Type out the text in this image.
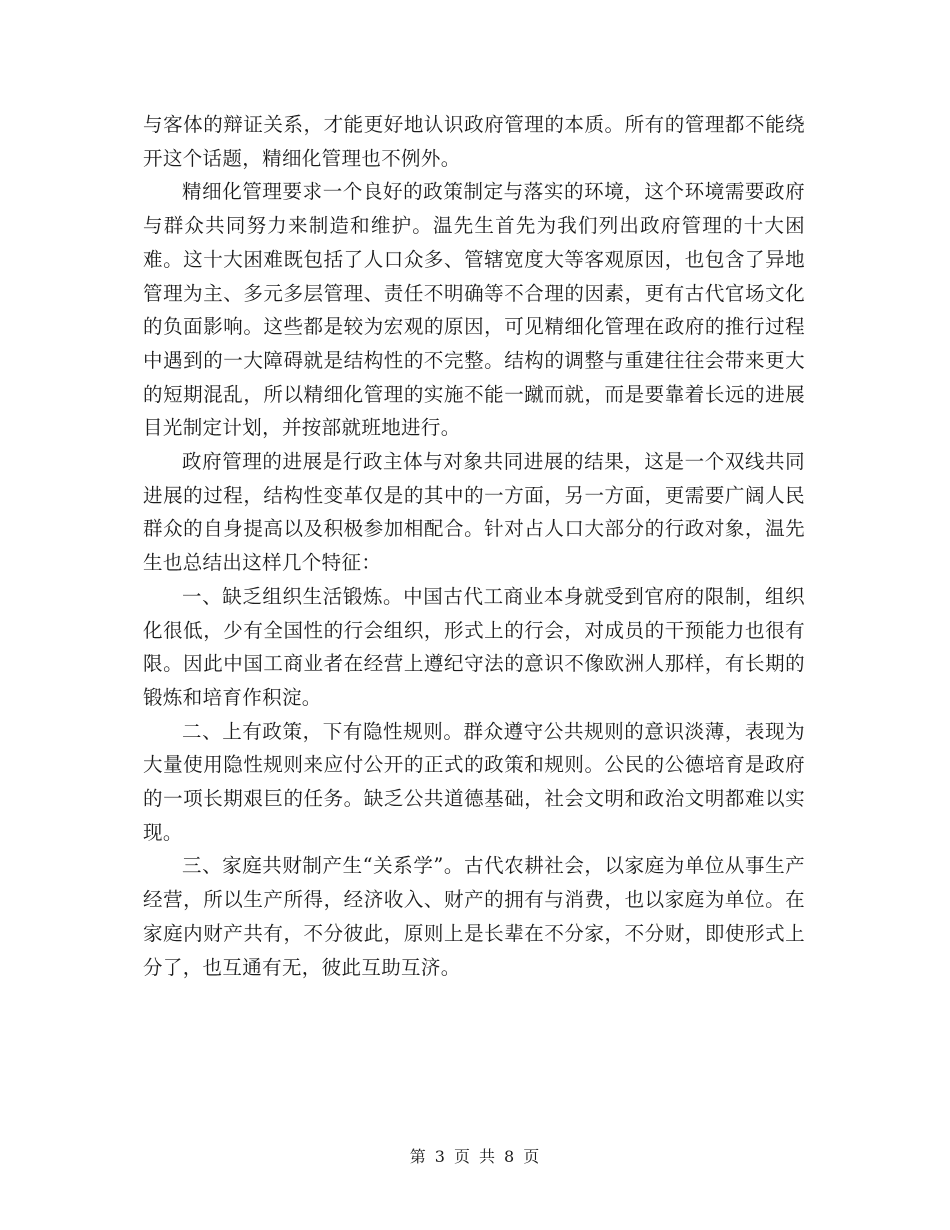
与客体的辩证关系，才能更好地认识政府管理的本质。所有的管理都不能绕开这个话题，精细化管理也不例外。

精细化管理要求一个良好的政策制定与落实的环境，这个环境需要政府与群众共同努力来制造和维护。温先生首先为我们列出政府管理的十大困难。这十大困难既包括了人口众多、管辖宽度大等客观原因，也包含了异地管理为主、多元多层管理、责任不明确等不合理的因素，更有古代官场文化的负面影响。这些都是较为宏观的原因，可见精细化管理在政府的推行过程中遇到的一大障碍就是结构性的不完整。结构的调整与重建往往会带来更大的短期混乱，所以精细化管理的实施不能一蹴而就，而是要靠着长远的进展目光制定计划，并按部就班地进行。

政府管理的进展是行政主体与对象共同进展的结果，这是一个双线共同进展的过程，结构性变革仅是的其中的一方面，另一方面，更需要广阔人民群众的自身提高以及积极参加相配合。针对占人口大部分的行政对象，温先生也总结出这样几个特征：

一、缺乏组织生活锻炼。中国古代工商业本身就受到官府的限制，组织化很低，少有全国性的行会组织，形式上的行会，对成员的干预能力也很有限。因此中国工商业者在经营上遵纪守法的意识不像欧洲人那样，有长期的锻炼和培育作积淀。

二、上有政策，下有隐性规则。群众遵守公共规则的意识淡薄，表现为大量使用隐性规则来应付公开的正式的政策和规则。公民的公德培育是政府的一项长期艰巨的任务。缺乏公共道德基础，社会文明和政治文明都难以实现。

三、家庭共财制产生“关系学”。古代农耕社会，以家庭为单位从事生产经营，所以生产所得，经济收入、财产的拥有与消费，也以家庭为单位。在家庭内财产共有，不分彼此，原则上是长辈在不分家，不分财，即使形式上分了，也互通有无，彼此互助互济。

第 3 页 共 8 页
